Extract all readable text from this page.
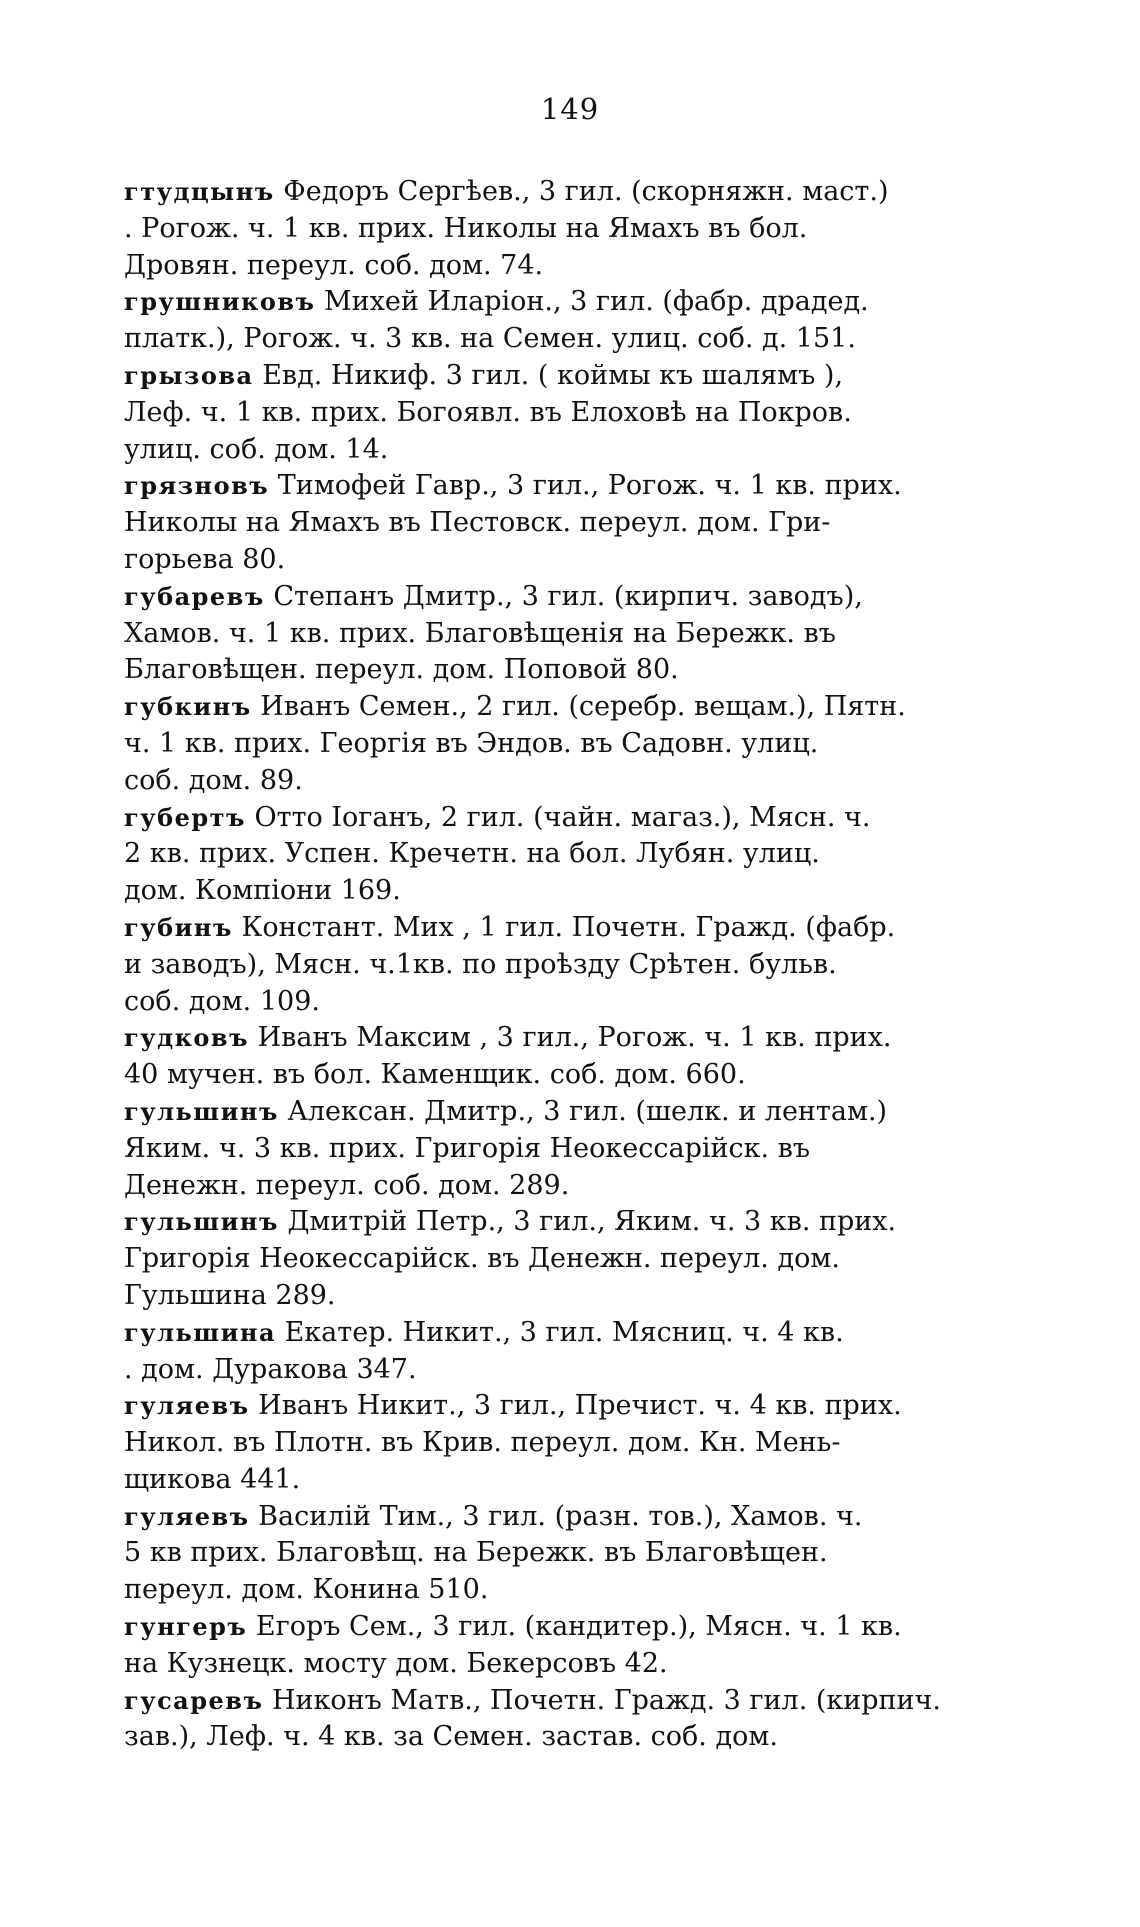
149
гтудцынъ Федоръ Сергѣев., 3 гил. (скорняжн. маст.)
. Рогож. ч. 1 кв. прих. Николы на Ямахъ въ бол.
Дровян. переул. соб. дом. 74.
грушниковъ Михей Иларіон., 3 гил. (фабр. драдед.
платк.), Рогож. ч. 3 кв. на Семен. улиц. соб. д. 151.
грызова Евд. Никиф. 3 гил. ( коймы къ шалямъ ),
Леф. ч. 1 кв. прих. Богоявл. въ Елоховѣ на Покров.
улиц. соб. дом. 14.
грязновъ Тимофей Гавр., 3 гил., Рогож. ч. 1 кв. прих.
Николы на Ямахъ въ Пестовск. переул. дом. Гри-
горьева 80.
губаревъ Степанъ Дмитр., 3 гил. (кирпич. заводъ),
Хамов. ч. 1 кв. прих. Благовѣщенія на Бережк. въ
Благовѣщен. переул. дом. Поповой 80.
губкинъ Иванъ Семен., 2 гил. (серебр. вещам.), Пятн.
ч. 1 кв. прих. Георгія въ Эндов. въ Садовн. улиц.
соб. дом. 89.
губертъ Отто Іоганъ, 2 гил. (чайн. магаз.), Мясн. ч.
2 кв. прих. Успен. Кречетн. на бол. Лубян. улиц.
дом. Компіони 169.
губинъ Констант. Мих , 1 гил. Почетн. Гражд. (фабр.
и заводъ), Мясн. ч.1кв. по проѣзду Срѣтен. бульв.
соб. дом. 109.
гудковъ Иванъ Максим , 3 гил., Рогож. ч. 1 кв. прих.
40 мучен. въ бол. Каменщик. соб. дом. 660.
гульшинъ Алексан. Дмитр., 3 гил. (шелк. и лентам.)
Яким. ч. 3 кв. прих. Григорія Неокессарійск. въ
Денежн. переул. соб. дом. 289.
гульшинъ Дмитрій Петр., 3 гил., Яким. ч. 3 кв. прих.
Григорія Неокессарійск. въ Денежн. переул. дом.
Гульшина 289.
гульшина Екатер. Никит., 3 гил. Мясниц. ч. 4 кв.
. дом. Дуракова 347.
гуляевъ Иванъ Никит., 3 гил., Пречист. ч. 4 кв. прих.
Никол. въ Плотн. въ Крив. переул. дом. Кн. Мень-
щикова 441.
гуляевъ Василій Тим., 3 гил. (разн. тов.), Хамов. ч.
5 кв прих. Благовѣщ. на Бережк. въ Благовѣщен.
переул. дом. Конина 510.
гунгеръ Егоръ Сем., 3 гил. (кандитер.), Мясн. ч. 1 кв.
на Кузнецк. мосту дом. Бекерсовъ 42.
гусаревъ Никонъ Матв., Почетн. Гражд. 3 гил. (кирпич.
зав.), Леф. ч. 4 кв. за Семен. застав. соб. дом.
